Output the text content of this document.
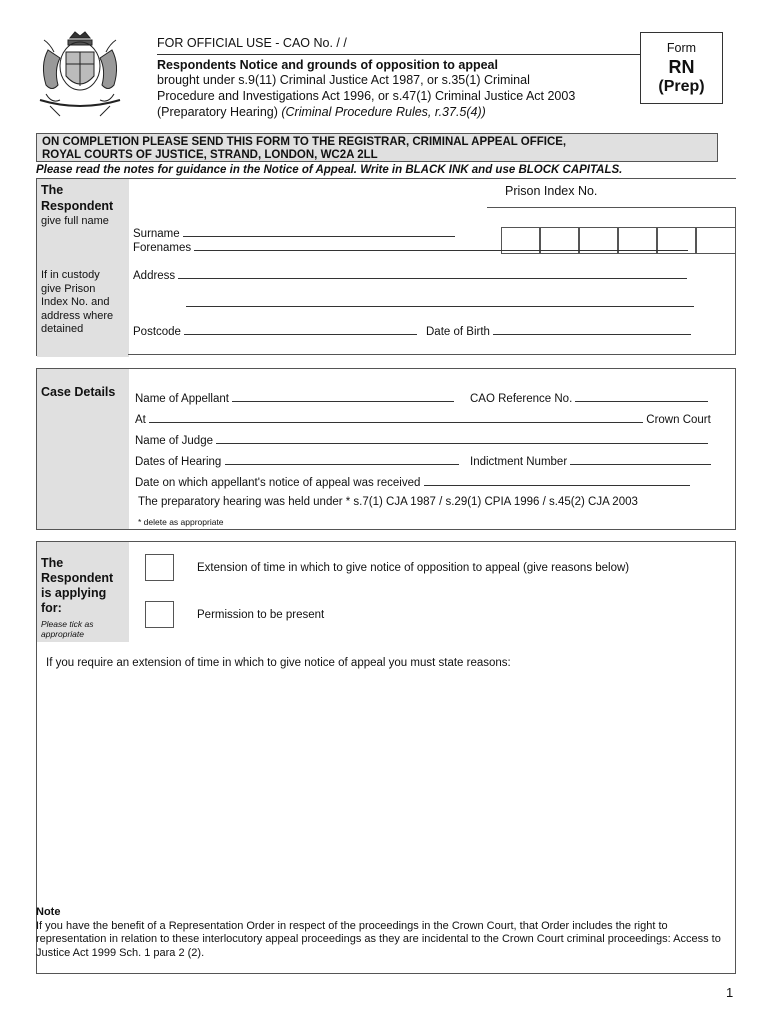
FOR OFFICIAL USE - CAO No. / /
Respondents Notice and grounds of opposition to appeal
brought under s.9(11) Criminal Justice Act 1987, or s.35(1) Criminal
Procedure and Investigations Act 1996, or s.47(1) Criminal Justice Act 2003
(Preparatory Hearing) (Criminal Procedure Rules, r.37.5(4))
Form
RN
(Prep)
ON COMPLETION PLEASE SEND THIS FORM TO THE REGISTRAR, CRIMINAL APPEAL OFFICE,
ROYAL COURTS OF JUSTICE, STRAND, LONDON, WC2A 2LL
Please read the notes for guidance in the Notice of Appeal. Write in BLACK INK and use BLOCK CAPITALS.
The
Respondent
give full name
If in custody
give Prison
Index No. and
address where
detained
Surname
Prison Index No.
Forenames
Address
Postcode	Date of Birth
Case Details Name of Appellant	CAO Reference No.
At	Crown Court
Name of Judge
Dates of Hearing	Indictment Number
Date on which appellant's notice of appeal was received
The preparatory hearing was held under * s.7(1) CJA 1987 / s.29(1) CPIA 1996 / s.45(2) CJA 2003
* delete as appropriate
The
Respondent
is applying
for:
Please tick as
appropriate
Extension of time in which to give notice of opposition to appeal (give reasons below)
Permission to be present
If you require an extension of time in which to give notice of appeal you must state reasons:
Note
If you have the benefit of a Representation Order in respect of the proceedings in the Crown Court, that Order includes the right to representation in relation to these interlocutory appeal proceedings as they are incidental to the Crown Court criminal proceedings: Access to Justice Act 1999 Sch. 1 para 2 (2).
1
